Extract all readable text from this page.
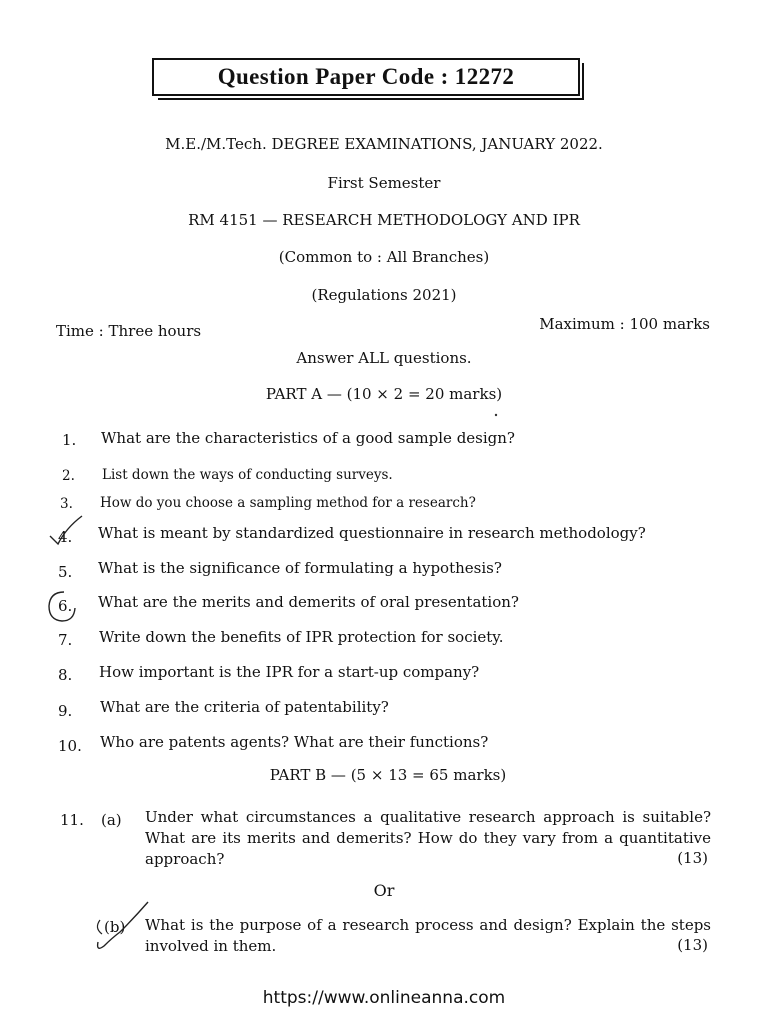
Question Paper Code : 12272
M.E./M.Tech. DEGREE EXAMINATIONS, JANUARY 2022.
First Semester
RM 4151 — RESEARCH METHODOLOGY AND IPR
(Common to : All Branches)
(Regulations 2021)
Time : Three hours	Maximum : 100 marks
Answer ALL questions.
PART A — (10 × 2 = 20 marks)
1. What are the characteristics of a good sample design?
2. List down the ways of conducting surveys.
3. How do you choose a sampling method for a research?
4. What is meant by standardized questionnaire in research methodology?
5. What is the significance of formulating a hypothesis?
6. What are the merits and demerits of oral presentation?
7. Write down the benefits of IPR protection for society.
8. How important is the IPR for a start-up company?
9. What are the criteria of patentability?
10. Who are patents agents? What are their functions?
PART B — (5 × 13 = 65 marks)
11. (a) Under what circumstances a qualitative research approach is suitable? What are its merits and demerits? How do they vary from a quantitative approach?	(13)
Or
(b) What is the purpose of a research process and design? Explain the steps involved in them.	(13)
https://www.onlineanna.com
